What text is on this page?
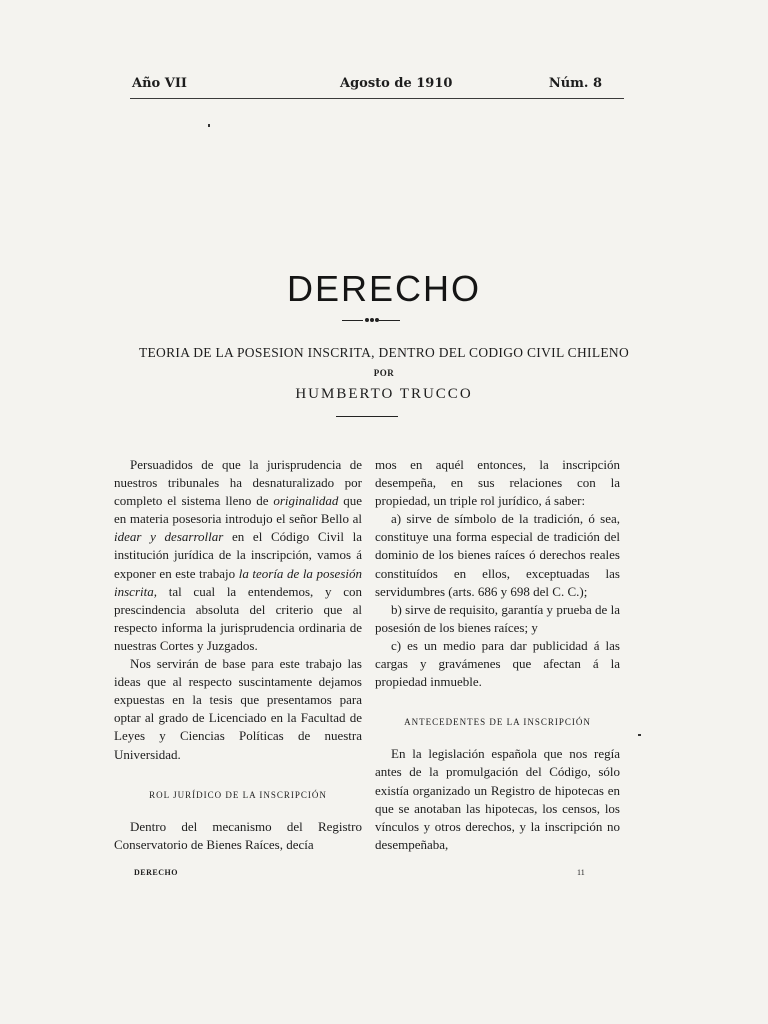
Año VII	Agosto de 1910	Núm. 8
DERECHO
TEORIA DE LA POSESION INSCRITA, DENTRO DEL CODIGO CIVIL CHILENO
POR
HUMBERTO TRUCCO

Persuadidos de que la jurisprudencia de nuestros tribunales ha desnaturalizado por completo el sistema lleno de originalidad que en materia posesoria introdujo el señor Bello al idear y desarrollar en el Código Civil la institución jurídica de la inscripción, vamos á exponer en este trabajo la teoría de la posesión inscrita, tal cual la entendemos, y con prescindencia absoluta del criterio que al respecto informa la jurisprudencia ordinaria de nuestras Cortes y Juzgados.

Nos servirán de base para este trabajo las ideas que al respecto suscintamente dejamos expuestas en la tesis que presentamos para optar al grado de Licenciado en la Facultad de Leyes y Ciencias Políticas de nuestra Universidad.

ROL JURÍDICO DE LA INSCRIPCIÓN

Dentro del mecanismo del Registro Conservatorio de Bienes Raíces, decía

mos en aquél entonces, la inscripción desempeña, en sus relaciones con la propiedad, un triple rol jurídico, á saber:

a) sirve de símbolo de la tradición, ó sea, constituye una forma especial de tradición del dominio de los bienes raíces ó derechos reales constituídos en ellos, exceptuadas las servidumbres (arts. 686 y 698 del C. C.);

b) sirve de requisito, garantía y prueba de la posesión de los bienes raíces; y

c) es un medio para dar publicidad á las cargas y gravámenes que afectan á la propiedad inmueble.

ANTECEDENTES DE LA INSCRIPCIÓN

En la legislación española que nos regía antes de la promulgación del Código, sólo existía organizado un Registro de hipotecas en que se anotaban las hipotecas, los censos, los vínculos y otros derechos, y la inscripción no desempeñaba,

DERECHO	11
